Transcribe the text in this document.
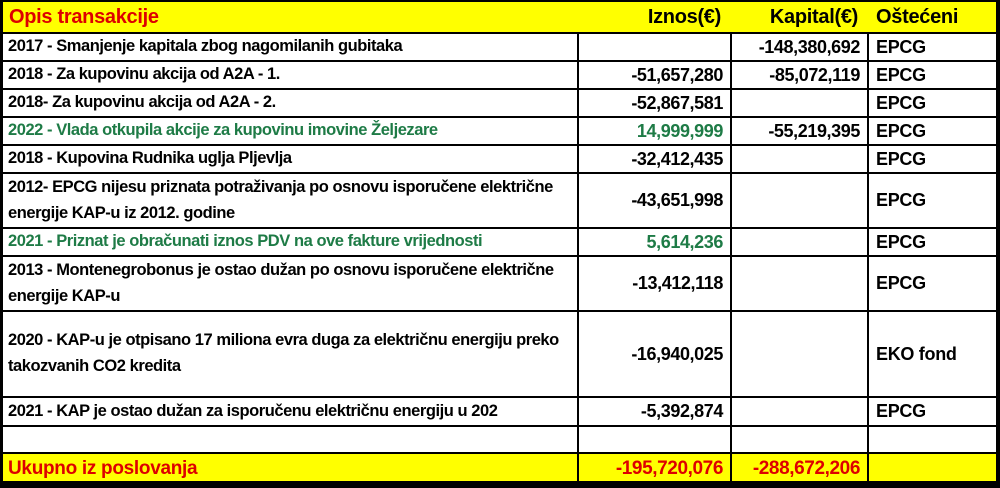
Opis transakcije	Iznos(€)	Kapital(€)	Oštećeni
2017 - Smanjenje kapitala zbog nagomilanih gubitaka		-148,380,692	EPCG
2018 - Za kupovinu akcija od A2A - 1.	-51,657,280	-85,072,119	EPCG
2018- Za kupovinu akcija od A2A - 2.	-52,867,581		EPCG
2022 - Vlada otkupila akcije za kupovinu imovine Željezare	14,999,999	-55,219,395	EPCG
2018 - Kupovina Rudnika uglja Pljevlja	-32,412,435		EPCG
2012- EPCG nijesu priznata potraživanja po osnovu isporučene električne energije KAP-u iz 2012. godine	-43,651,998		EPCG
2021 - Priznat je obračunati iznos PDV na ove fakture vrijednosti	5,614,236		EPCG
2013 - Montenegrobonus je ostao dužan po osnovu isporučene električne energije KAP-u	-13,412,118		EPCG
2020 - KAP-u je otpisano 17 miliona evra duga za električnu energiju preko takozvanih CO2 kredita	-16,940,025		EKO fond
2021 - KAP je ostao dužan za isporučenu električnu energiju u 202	-5,392,874		EPCG

Ukupno iz poslovanja	-195,720,076	-288,672,206	
